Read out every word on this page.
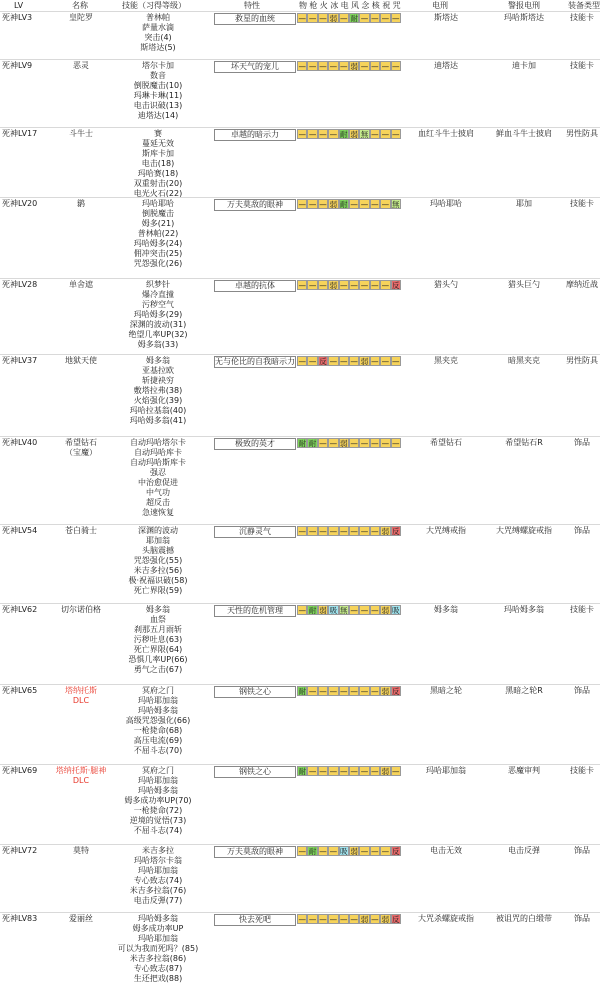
LV	名称	技能（习得等级）	特性	物 枪 火 冰 电 风 念 核 祝 咒	电刑	警报电刑	装备类型
死神LV3	皇陀罗	普林帕
萨量水滴
突击(4)
斯塔达(5)
救星的血统	— — — 弱 — 耐 — — — —	斯塔达	玛哈斯塔达	技能卡
死神LV9	恶灵	塔尔卡加
数音
倒脱魔击(10)
玛琳卡琳(11)
电击识破(13)
迪塔达(14)
坏天气的宠儿	— — — — — 弱 — — — —	迪塔达	迪卡加	技能卡
死神LV17	斗牛士	赛
蔓延无效
斯库卡加
电击(18)
玛哈赛(18)
双重射击(20)
电光火石(22)
卓越的暗示力	— — — — 耐 弱 無 — — —	血红斗牛士披肩	鲜血斗牛士披肩	男性防具
死神LV20	鹟	玛哈耶哈
倒脱魔击
姆多(21)
普林帕(22)
玛哈姆多(24)
佣冲突击(25)
咒怨强化(26)
万夫莫敌的眼神	— — — 弱 耐 — — — — 無	玛哈耶哈	耶加	技能卡
死神LV28	单舍遮	织梦针
爆冷直撞
污秽空气
玛哈姆多(29)
深渊的波动(31)
绝望几率UP(32)
姆多翁(33)
卓越的抗体	— — — 弱 — — — — — 反	猎头勺	猎头巨勺	摩纳近战
死神LV37	地狱天使	姆多翁
亚基拉欧
斩捷袂穷
敷塔拉弗(38)
火焰强化(39)
玛哈拉基翁(40)
玛哈姆多翁(41)
无与伦比的自我暗示力 — — 反 — — — 弱 — — —	黑夹克	暗黑夹克	男性防具
死神LV40	希望钻石
（宝魔）
自动玛哈塔尔卡
自动玛哈库卡
自动玛哈斯库卡
强忍
中治愈促进
中气功
超反击
急速恢复
极致的英才	耐 耐 — — 弱 — — — — —	希望钻石	希望钻石R	饰品
死神LV54	苍白骑士	深渊的波动
耶加翁
头脑震撼
咒怨强化(55)
米吉多拉(56)
极·祝福识破(58)
死亡界限(59)
沉静灵气	— — — — — — — — 弱 反	大咒缚戒指	大咒缚螺旋戒指	饰品
死神LV62	切尔诺伯格	姆多翁
血祭
刹那五月雨斩
污秽吐息(63)
死亡界限(64)
恐惧几率UP(66)
勇气之击(67)
天性的危机管理	— 耐 弱 吸 無 — — — 弱 吸	姆多翁	玛哈姆多翁	技能卡
死神LV65	塔纳托斯
DLC
冥府之门
玛哈耶加翁
玛哈姆多翁
高级咒怨强化(66)
一枪毙命(68)
高压电流(69)
不屈斗志(70)
钢铁之心	耐 — — — — — — — 弱 反	黑暗之轮	黑暗之轮R	饰品
死神LV69	塔纳托斯·腿神
DLC
冥府之门
玛哈耶加翁
玛哈姆多翁
姆多成功率UP(70)
一枪毙命(72)
逆境的觉悟(73)
不屈斗志(74)
钢铁之心	耐 — — — — — — — 弱 —	玛哈耶加翁	恶魔审判	技能卡
死神LV72	莫特	米吉多拉
玛哈塔尔卡翁
玛哈耶加翁
专心致志(74)
米吉多拉翁(76)
电击反弹(77)
万夫莫敌的眼神	— 耐 — — 吸 弱 — — — 反	电击无效	电击反弹	饰品
死神LV83	爱丽丝	玛哈姆多翁
姆多成功率UP
玛哈耶加翁
可以为我而死吗？(85)
米吉多拉翁(86)
专心致志(87)
生还把戏(88)
快去死吧	— — — — — — 弱 — 弱 反	大咒杀螺旋戒指	被诅咒的白缎带	饰品
